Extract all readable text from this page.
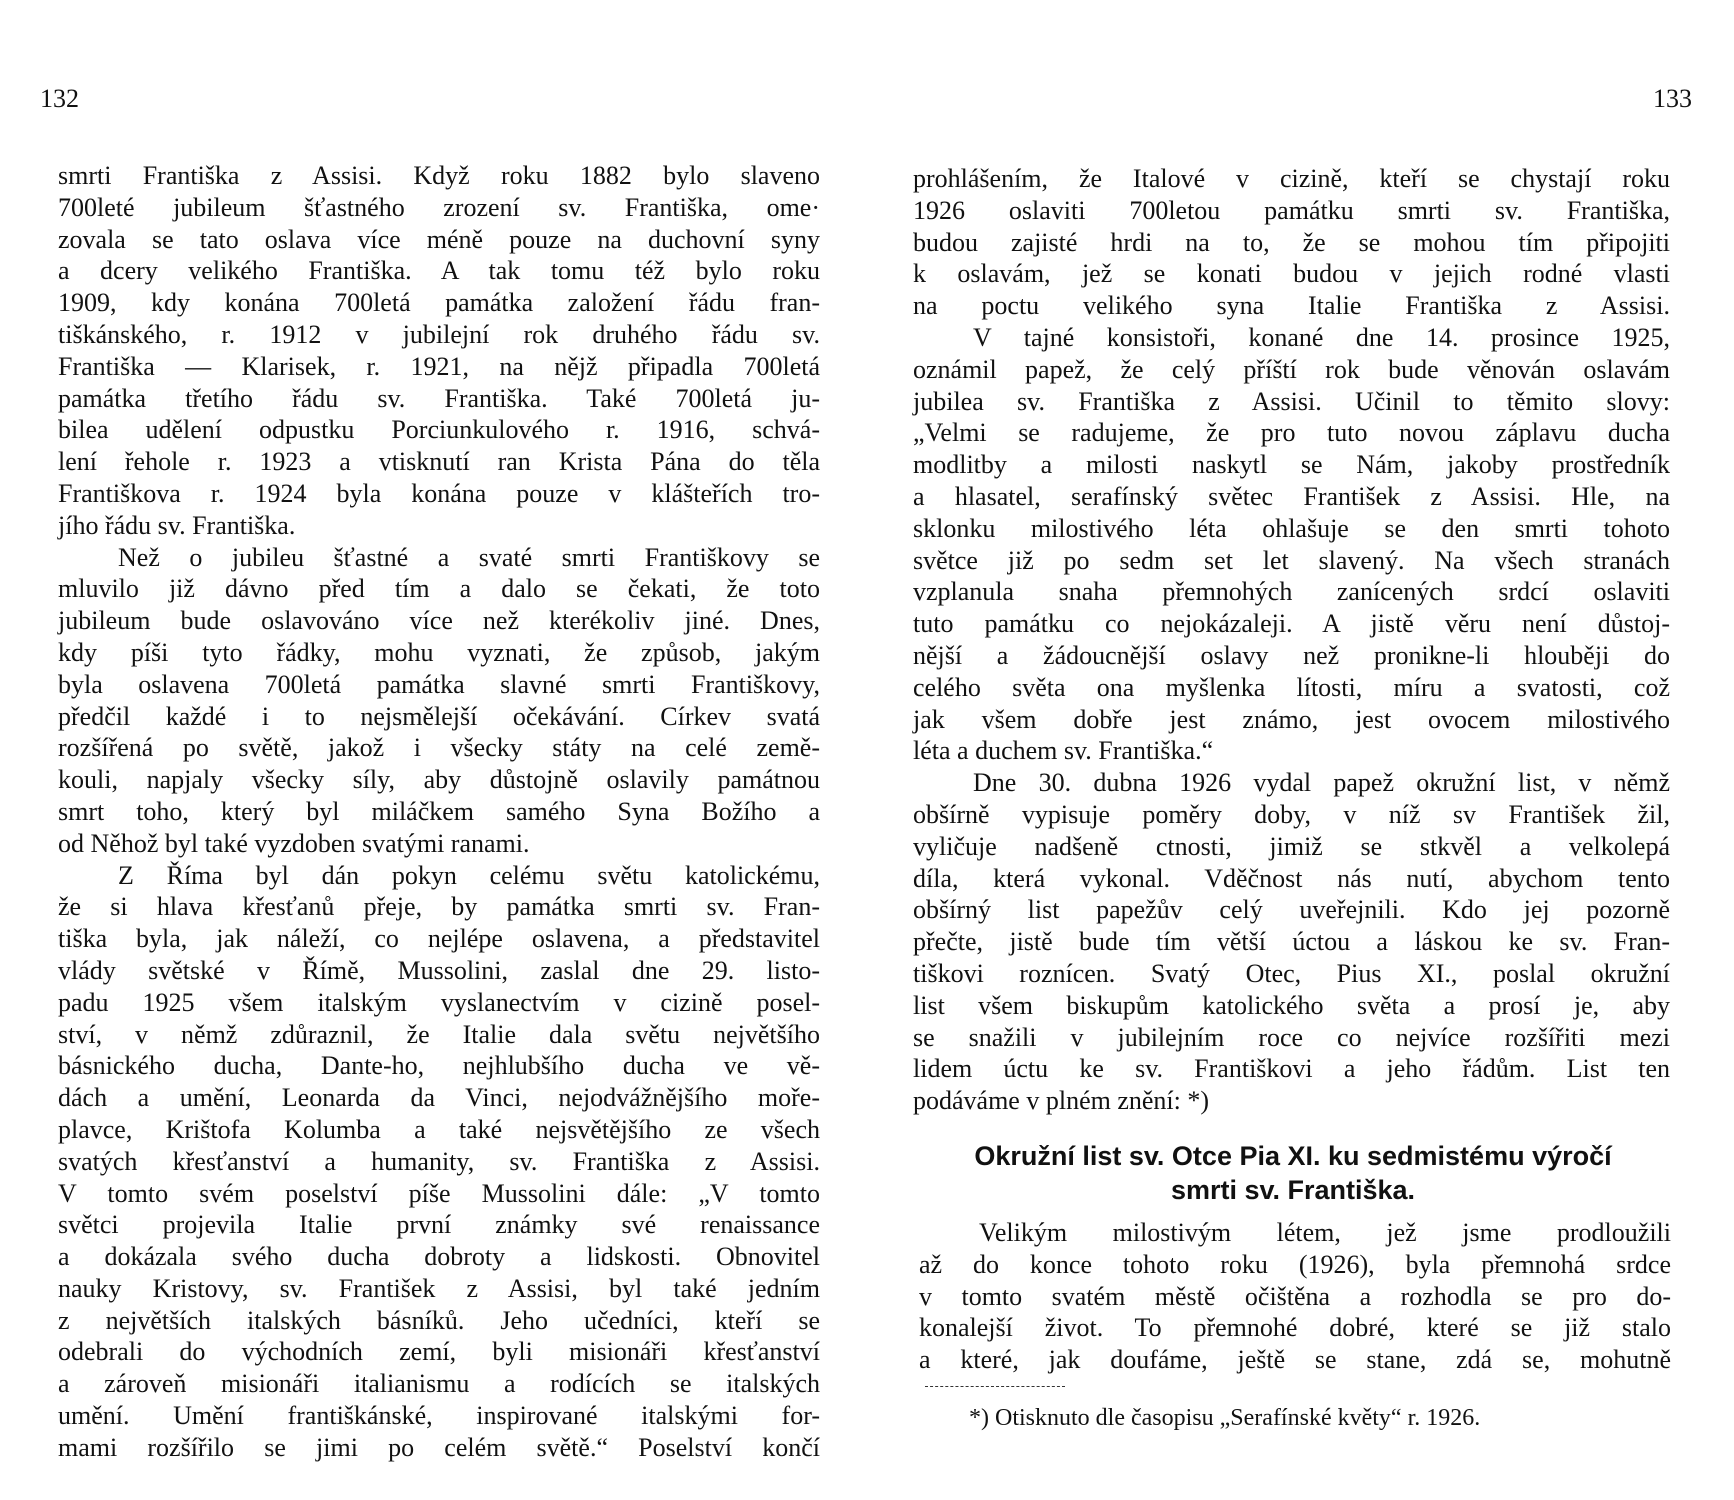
132
smrti Františka z Assisi. Když roku 1882 bylo slaveno
700leté jubileum šťastného zrození sv. Františka, ome·
zovala se tato oslava více méně pouze na duchovní syny
a dcery velikého Františka. A tak tomu též bylo roku
1909, kdy konána 700letá památka založení řádu fran-
tiškánského, r. 1912 v jubilejní rok druhého řádu sv.
Františka — Klarisek, r. 1921, na nějž připadla 700letá
památka třetího řádu sv. Františka. Také 700letá ju-
bilea udělení odpustku Porciunkulového r. 1916, schvá-
lení řehole r. 1923 a vtisknutí ran Krista Pána do těla
Františkova r. 1924 byla konána pouze v klášteřích tro-
jího řádu sv. Františka.
Než o jubileu šťastné a svaté smrti Františkovy se
mluvilo již dávno před tím a dalo se čekati, že toto
jubileum bude oslavováno více než kterékoliv jiné. Dnes,
kdy píši tyto řádky, mohu vyznati, že způsob, jakým
byla oslavena 700letá památka slavné smrti Františkovy,
předčil každé i to nejsmělejší očekávání. Církev svatá
rozšířená po světě, jakož i všecky státy na celé země-
kouli, napjaly všecky síly, aby důstojně oslavily památnou
smrt toho, který byl miláčkem samého Syna Božího a
od Něhož byl také vyzdoben svatými ranami.
Z Říma byl dán pokyn celému světu katolickému,
že si hlava křesťanů přeje, by památka smrti sv. Fran-
tiška byla, jak náleží, co nejlépe oslavena, a představitel
vlády světské v Římě, Mussolini, zaslal dne 29. listo-
padu 1925 všem italským vyslanectvím v cizině posel-
ství, v němž zdůraznil, že Italie dala světu největšího
básnického ducha, Dante-ho, nejhlubšího ducha ve vě-
dách a umění, Leonarda da Vinci, nejodvážnějšího moře-
plavce, Krištofa Kolumba a také nejsvětějšího ze všech
svatých křesťanství a humanity, sv. Františka z Assisi.
V tomto svém poselství píše Mussolini dále: „V tomto
světci projevila Italie první známky své renaissance
a dokázala svého ducha dobroty a lidskosti. Obnovitel
nauky Kristovy, sv. František z Assisi, byl také jedním
z největších italských básníků. Jeho učedníci, kteří se
odebrali do východních zemí, byli misionáři křesťanství
a zároveň misionáři italianismu a rodících se italských
umění. Umění františkánské, inspirované italskými for-
mami rozšířilo se jimi po celém světě.“ Poselství končí
133
prohlášením, že Italové v cizině, kteří se chystají roku
1926 oslaviti 700letou památku smrti sv. Františka,
budou zajisté hrdi na to, že se mohou tím připojiti
k oslavám, jež se konati budou v jejich rodné vlasti
na poctu velikého syna Italie Františka z Assisi.
V tajné konsistoři, konané dne 14. prosince 1925,
oznámil papež, že celý příští rok bude věnován oslavám
jubilea sv. Františka z Assisi. Učinil to těmito slovy:
„Velmi se radujeme, že pro tuto novou záplavu ducha
modlitby a milosti naskytl se Nám, jakoby prostředník
a hlasatel, serafínský světec František z Assisi. Hle, na
sklonku milostivého léta ohlašuje se den smrti tohoto
světce již po sedm set let slavený. Na všech stranách
vzplanula snaha přemnohých zanícených srdcí oslaviti
tuto památku co nejokázaleji. A jistě věru není důstoj-
nější a žádoucnější oslavy než pronikne-li hlouběji do
celého světa ona myšlenka lítosti, míru a svatosti, což
jak všem dobře jest známo, jest ovocem milostivého
léta a duchem sv. Františka.“
Dne 30. dubna 1926 vydal papež okružní list, v němž
obšírně vypisuje poměry doby, v níž sv František žil,
vyličuje nadšeně ctnosti, jimiž se stkvěl a velkolepá
díla, která vykonal. Vděčnost nás nutí, abychom tento
obšírný list papežův celý uveřejnili. Kdo jej pozorně
přečte, jistě bude tím větší úctou a láskou ke sv. Fran-
tiškovi roznícen. Svatý Otec, Pius XI., poslal okružní
list všem biskupům katolického světa a prosí je, aby
se snažili v jubilejním roce co nejvíce rozšířiti mezi
lidem úctu ke sv. Františkovi a jeho řádům. List ten
podáváme v plném znění: *)
Okružní list sv. Otce Pia XI. ku sedmistému výročí
smrti sv. Františka.
Velikým milostivým létem, jež jsme prodloužili
až do konce tohoto roku (1926), byla přemnohá srdce
v tomto svatém městě očištěna a rozhodla se pro do-
konalejší život. To přemnohé dobré, které se již stalo
a které, jak doufáme, ještě se stane, zdá se, mohutně
*) Otisknuto dle časopisu „Serafínské květy“ r. 1926.
